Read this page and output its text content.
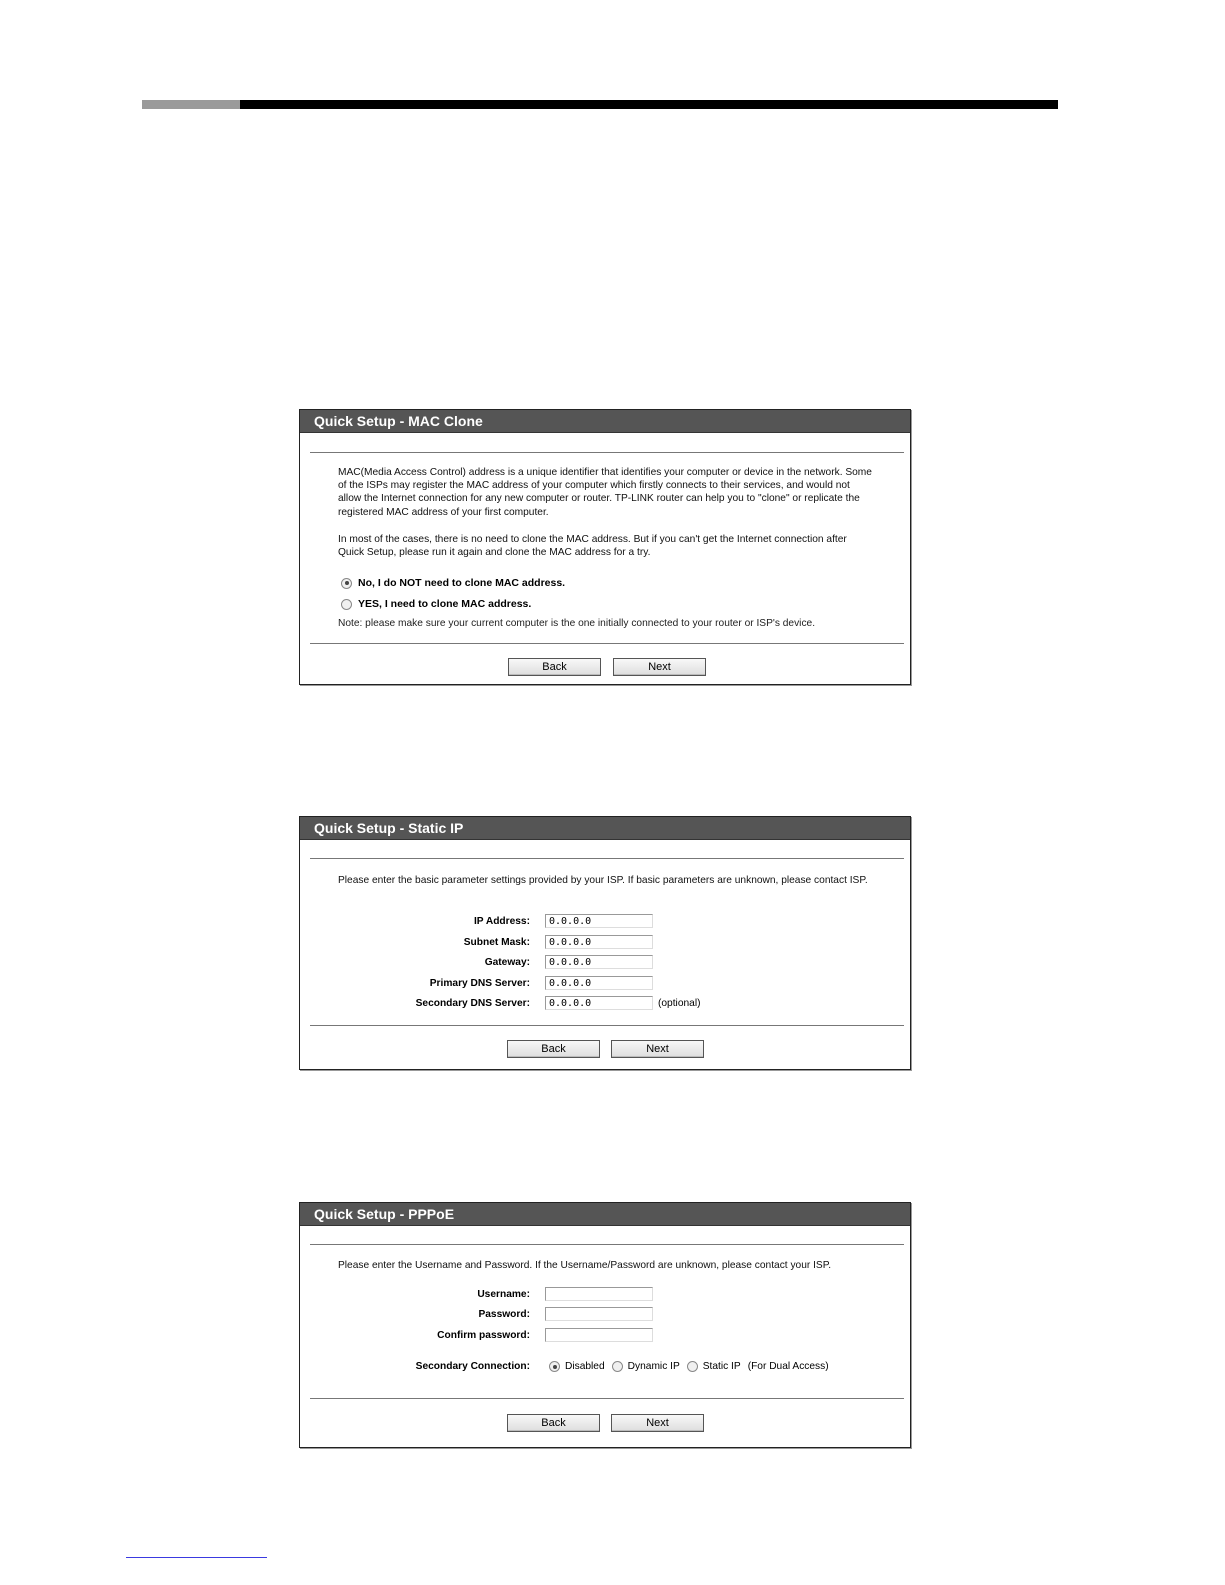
Quick Setup - MAC Clone
MAC(Media Access Control) address is a unique identifier that identifies your computer or device in the network. Some of the ISPs may register the MAC address of your computer which firstly connects to their services, and would not allow the Internet connection for any new computer or router. TP-LINK router can help you to "clone" or replicate the registered MAC address of your first computer.
In most of the cases, there is no need to clone the MAC address. But if you can't get the Internet connection after Quick Setup, please run it again and clone the MAC address for a try.
No, I do NOT need to clone MAC address.
YES, I need to clone MAC address.
Note: please make sure your current computer is the one initially connected to your router or ISP's device.
Back	Next
Quick Setup - Static IP
Please enter the basic parameter settings provided by your ISP. If basic parameters are unknown, please contact ISP.
IP Address:	0.0.0.0
Subnet Mask:	0.0.0.0
Gateway:	0.0.0.0
Primary DNS Server:	0.0.0.0
Secondary DNS Server:	0.0.0.0	(optional)
Back	Next
Quick Setup - PPPoE
Please enter the Username and Password. If the Username/Password are unknown, please contact your ISP.
Username:
Password:
Confirm password:
Secondary Connection:	Disabled Dynamic IP Static IP (For Dual Access)
Back	Next
